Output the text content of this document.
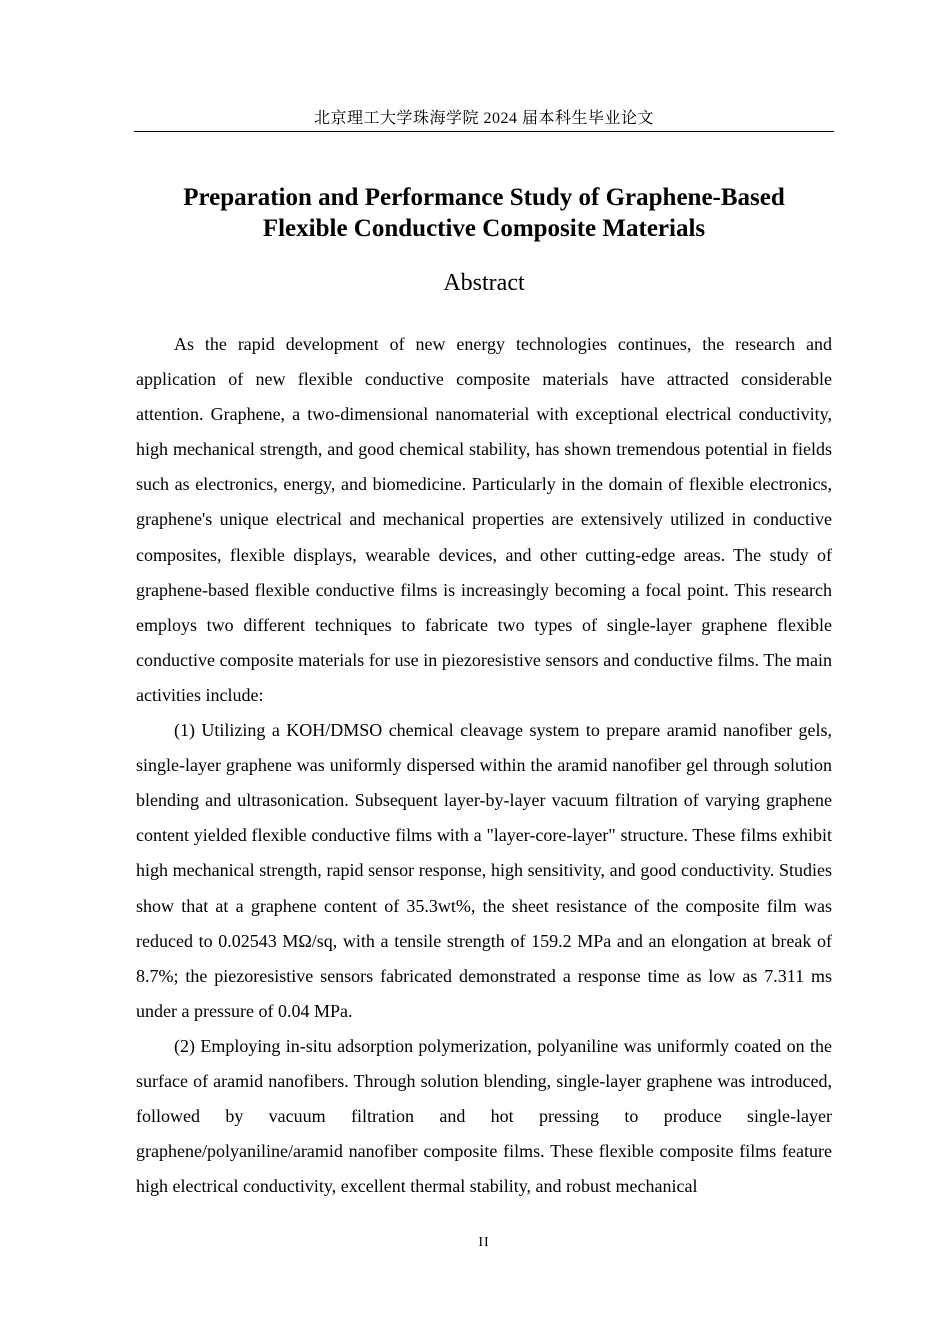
北京理工大学珠海学院 2024 届本科生毕业论文
Preparation and Performance Study of Graphene-Based
Flexible Conductive Composite Materials
Abstract

As the rapid development of new energy technologies continues, the research and application of new flexible conductive composite materials have attracted considerable attention. Graphene, a two-dimensional nanomaterial with exceptional electrical conductivity, high mechanical strength, and good chemical stability, has shown tremendous potential in fields such as electronics, energy, and biomedicine. Particularly in the domain of flexible electronics, graphene's unique electrical and mechanical properties are extensively utilized in conductive composites, flexible displays, wearable devices, and other cutting-edge areas. The study of graphene-based flexible conductive films is increasingly becoming a focal point. This research employs two different techniques to fabricate two types of single-layer graphene flexible conductive composite materials for use in piezoresistive sensors and conductive films. The main activities include:

(1) Utilizing a KOH/DMSO chemical cleavage system to prepare aramid nanofiber gels, single-layer graphene was uniformly dispersed within the aramid nanofiber gel through solution blending and ultrasonication. Subsequent layer-by-layer vacuum filtration of varying graphene content yielded flexible conductive films with a "layer-core-layer" structure. These films exhibit high mechanical strength, rapid sensor response, high sensitivity, and good conductivity. Studies show that at a graphene content of 35.3wt%, the sheet resistance of the composite film was reduced to 0.02543 MΩ/sq, with a tensile strength of 159.2 MPa and an elongation at break of 8.7%; the piezoresistive sensors fabricated demonstrated a response time as low as 7.311 ms under a pressure of 0.04 MPa.

(2) Employing in-situ adsorption polymerization, polyaniline was uniformly coated on the surface of aramid nanofibers. Through solution blending, single-layer graphene was introduced, followed by vacuum filtration and hot pressing to produce single-layer graphene/polyaniline/aramid nanofiber composite films. These flexible composite films feature high electrical conductivity, excellent thermal stability, and robust mechanical

II
